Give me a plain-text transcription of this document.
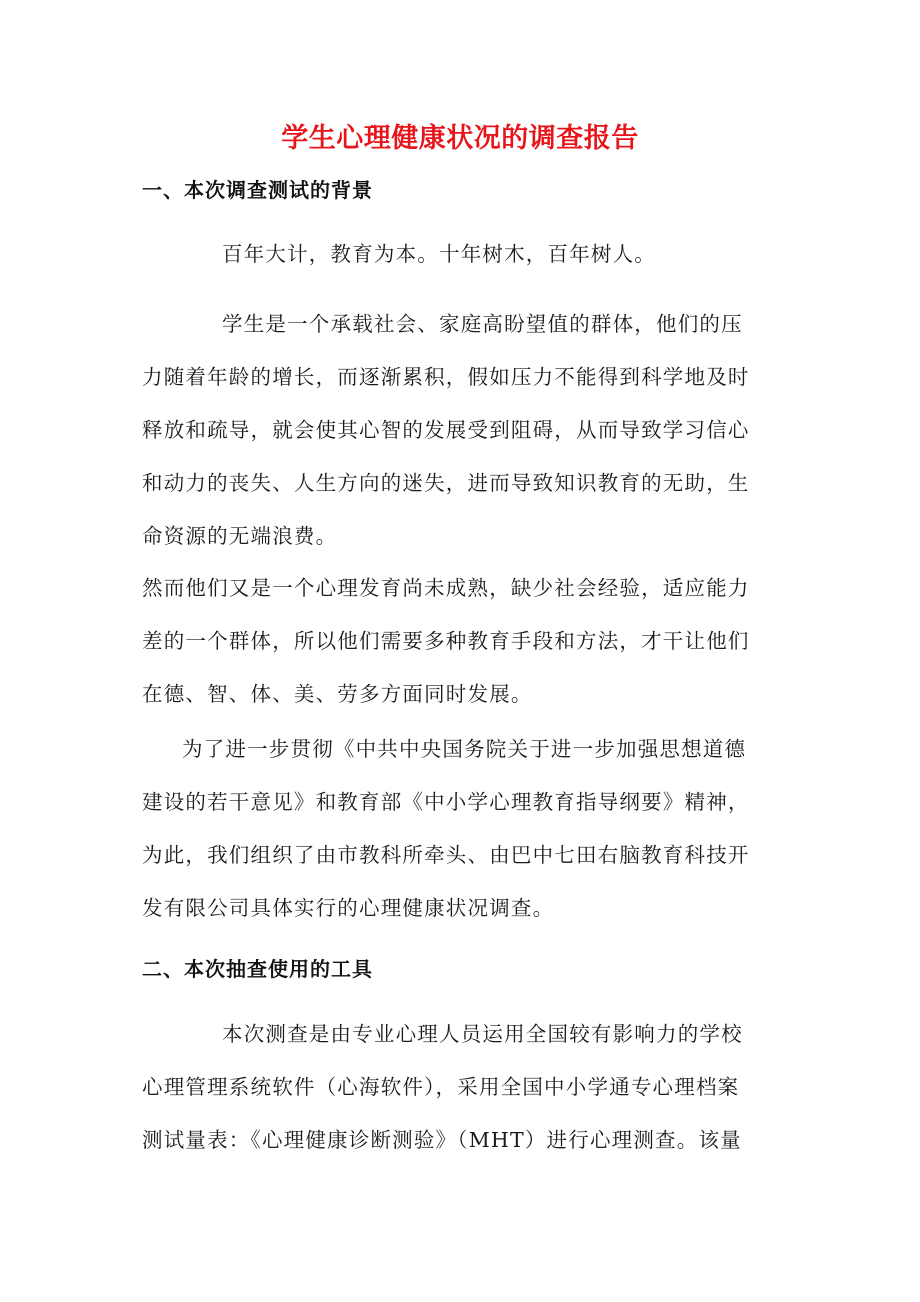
学生心理健康状况的调查报告
一、本次调查测试的背景

百年大计，教育为本。十年树木，百年树人。

学生是一个承载社会、家庭高盼望值的群体，他们的压
力随着年龄的增长，而逐渐累积，假如压力不能得到科学地及时
释放和疏导，就会使其心智的发展受到阻碍，从而导致学习信心
和动力的丧失、人生方向的迷失，进而导致知识教育的无助，生
命资源的无端浪费。

然而他们又是一个心理发育尚未成熟，缺少社会经验，适应能力
差的一个群体，所以他们需要多种教育手段和方法，才干让他们
在德、智、体、美、劳多方面同时发展。

为了进一步贯彻《中共中央国务院关于进一步加强思想道德
建设的若干意见》和教育部《中小学心理教育指导纲要》精神，
为此，我们组织了由市教科所牵头、由巴中七田右脑教育科技开
发有限公司具体实行的心理健康状况调查。

二、本次抽查使用的工具

本次测查是由专业心理人员运用全国较有影响力的学校
心理管理系统软件（心海软件），采用全国中小学通专心理档案
测试量表：《心理健康诊断测验》（MHT）进行心理测查。该量
